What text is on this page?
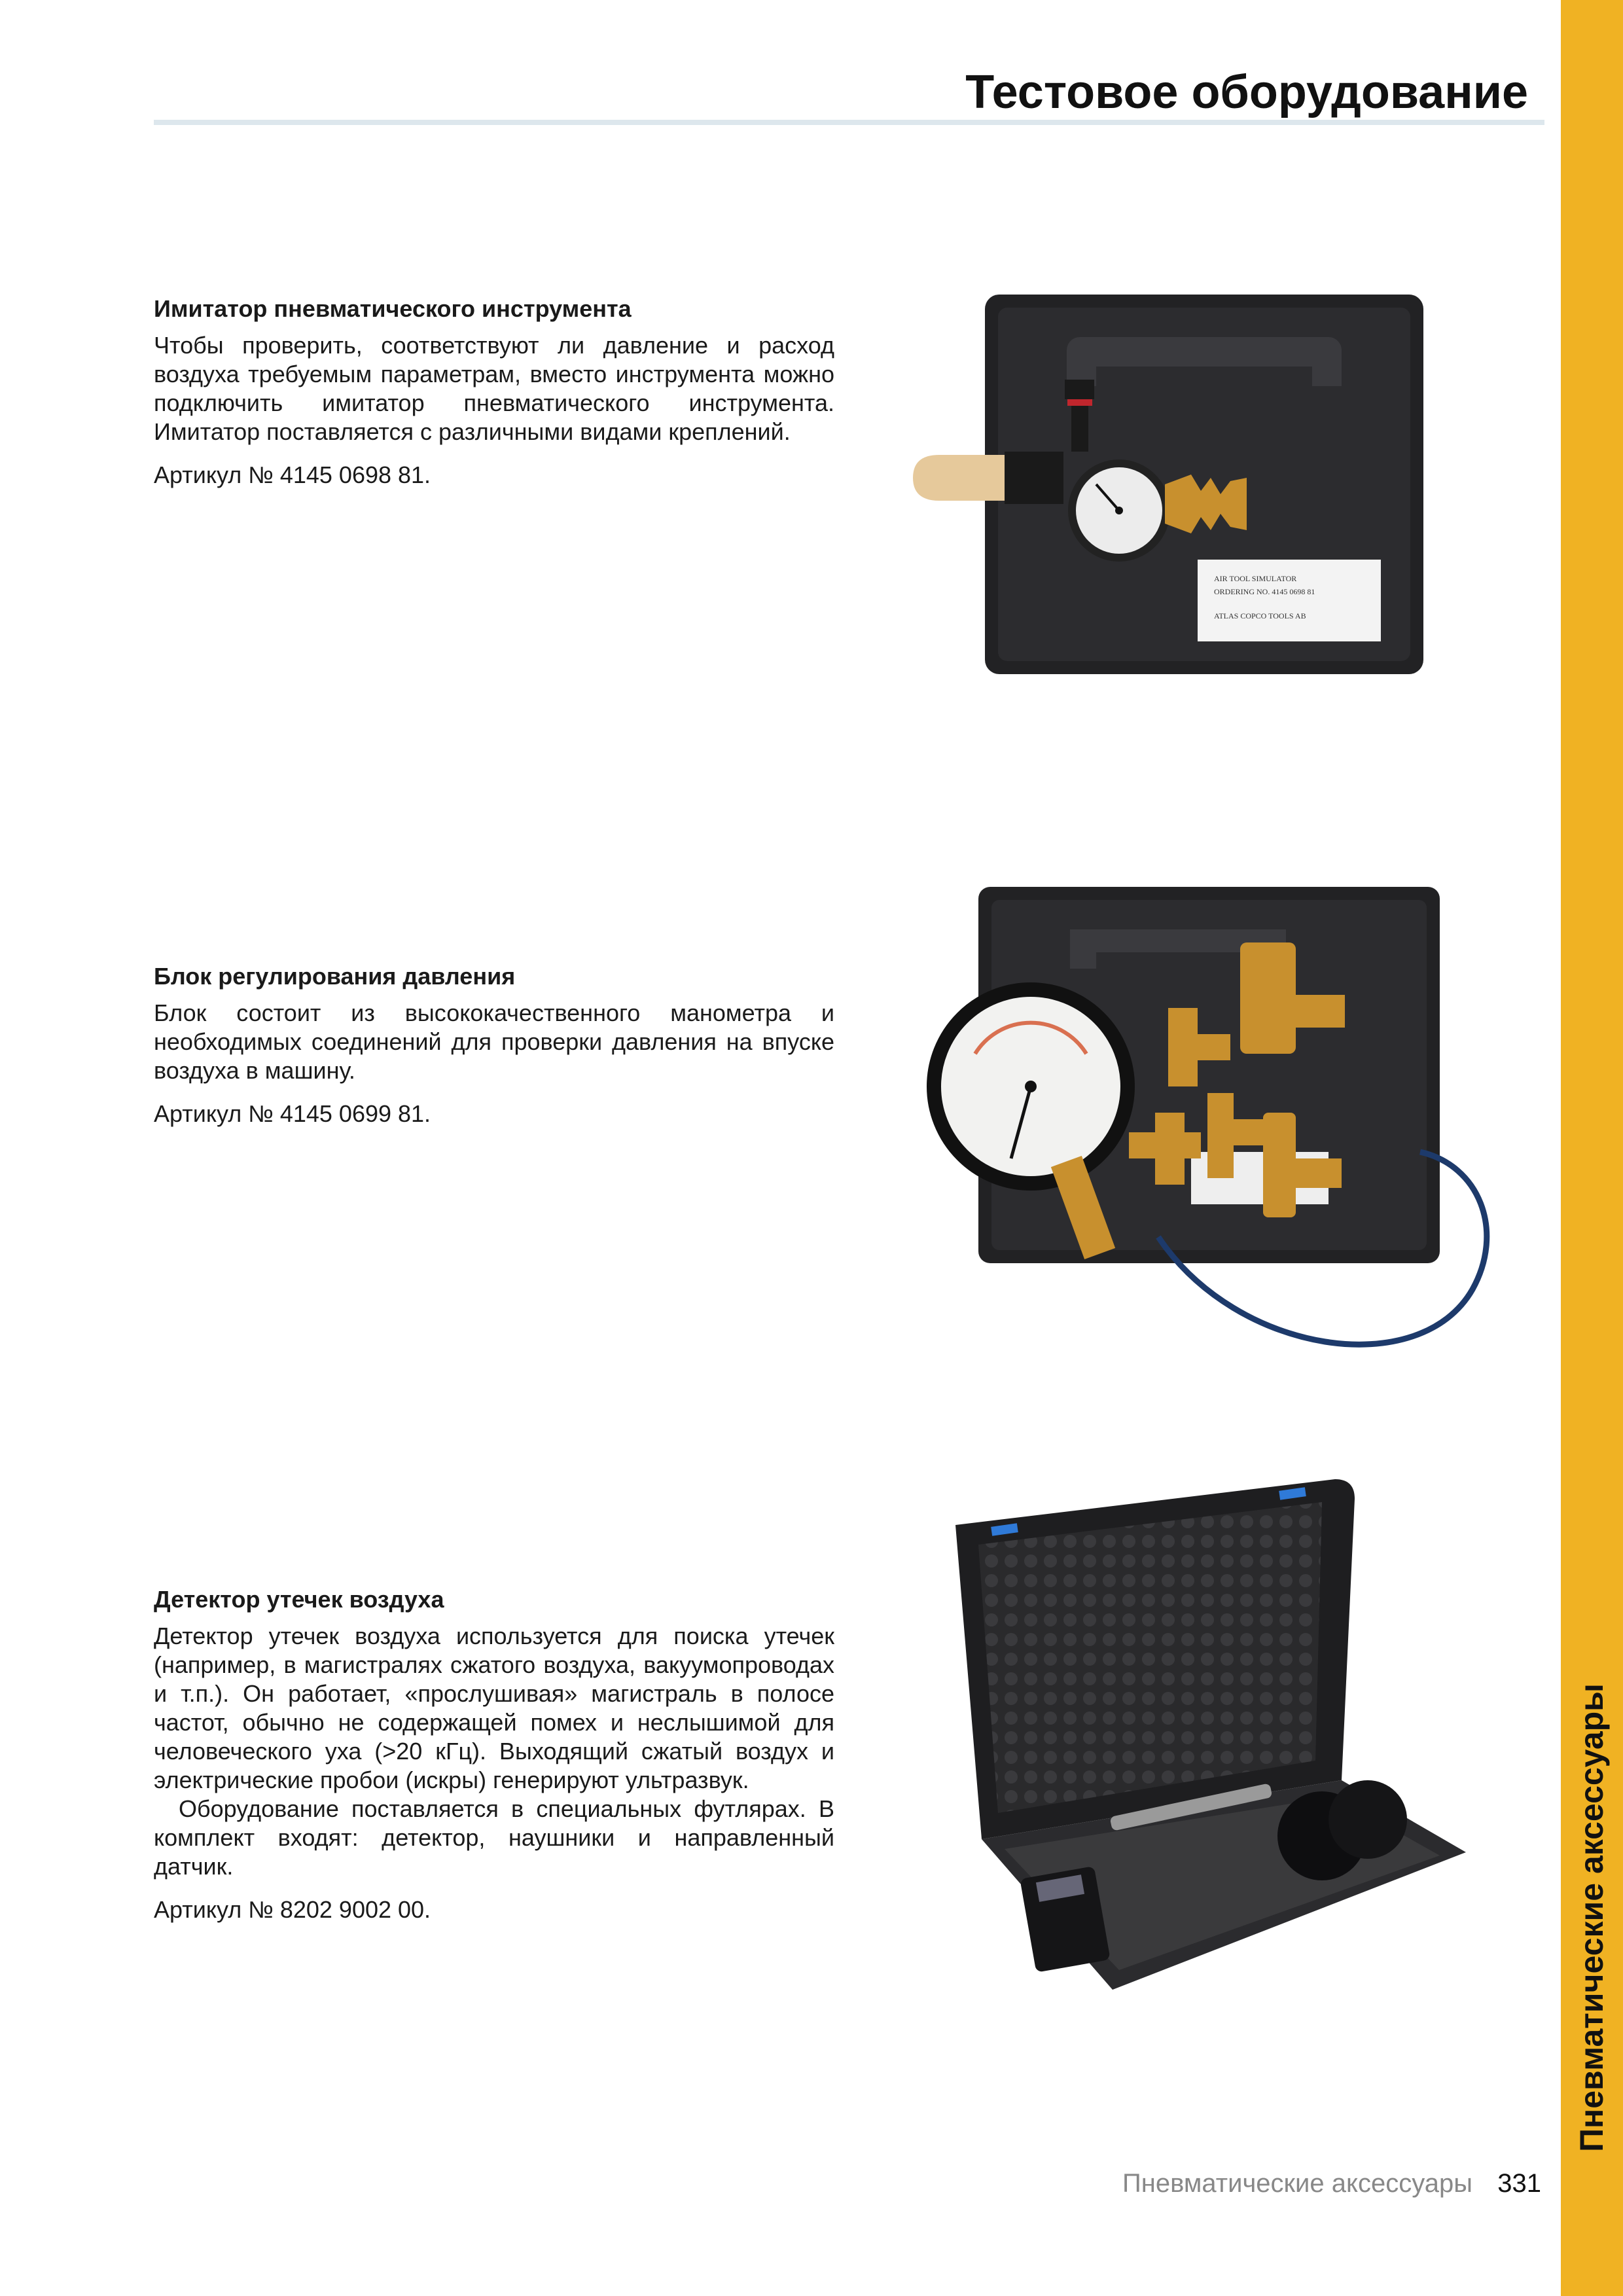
Тестовое оборудование
Пневматические аксессуары
Имитатор пневматического инструмента

Чтобы проверить, соответствуют ли давление и расход воздуха требуемым параметрам, вместо инструмента можно подключить имитатор пневматического инструмента. Имитатор поставляется с различными видами креплений.

Артикул № 4145 0698 81.

AIR TOOL SIMULATOR
ORDERING NO. 4145 0698 81
ATLAS COPCO TOOLS AB
Блок регулирования давления

Блок состоит из высококачественного манометра и необходимых соединений для проверки давления на впуске воздуха в машину.

Артикул № 4145 0699 81.

Детектор утечек воздуха

Детектор утечек воздуха используется для поиска утечек (например, в магистралях сжатого воздуха, вакуумопроводах и т.п.). Он работает, «прослушивая» магистраль в полосе частот, обычно не содержащей помех и неслышимой для человеческого уха (>20 кГц). Выходящий сжатый воздух и электрические пробои (искры) генерируют ультразвук.

Оборудование поставляется в специальных футлярах. В комплект входят: детектор, наушники и направленный датчик.

Артикул № 8202 9002 00.

Пневматические аксессуары 331
